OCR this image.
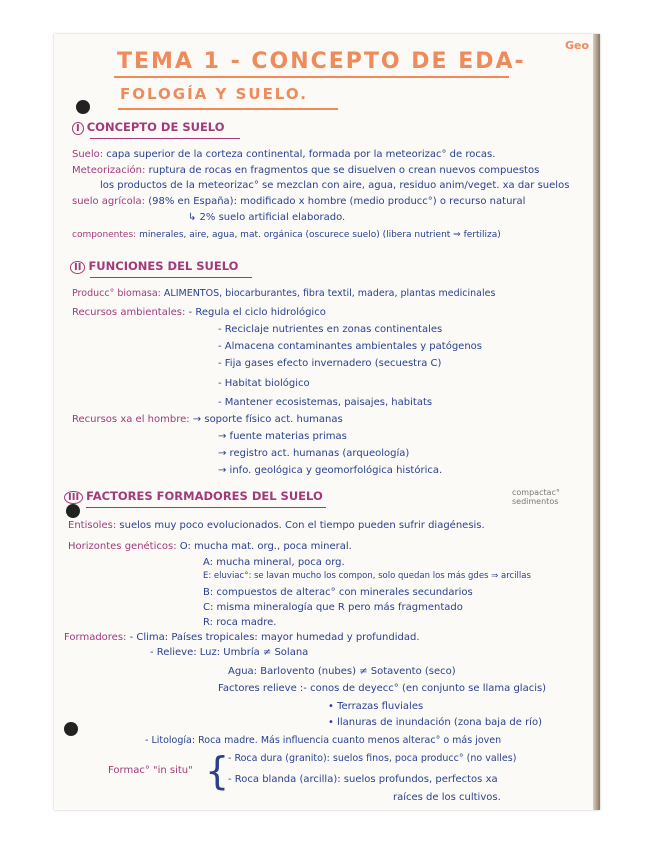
TEMA 1 - CONCEPTO DE EDA-
FOLOGÍA Y SUELO.
Geo
I CONCEPTO DE SUELO
Suelo: capa superior de la corteza continental, formada por la meteorizac° de rocas.
Meteorización: ruptura de rocas en fragmentos que se disuelven o crean nuevos compuestos
los productos de la meteorizac° se mezclan con aire, agua, residuo anim/veget. xa dar suelos
suelo agrícola: (98% en España): modificado x hombre (medio producc°) o recurso natural
↳ 2% suelo artificial elaborado.
componentes: minerales, aire, agua, mat. orgánica (oscurece suelo) (libera nutrient ⇒ fertiliza)
II FUNCIONES DEL SUELO
Producc° biomasa: ALIMENTOS, biocarburantes, fibra textil, madera, plantas medicinales
Recursos ambientales: - Regula el ciclo hidrológico
- Reciclaje nutrientes en zonas continentales
- Almacena contaminantes ambientales y patógenos
- Fija gases efecto invernadero (secuestra C)
- Habitat biológico
- Mantener ecosistemas, paisajes, habitats
Recursos xa el hombre: → soporte físico act. humanas
→ fuente materias primas
→ registro act. humanas (arqueología)
→ info. geológica y geomorfológica histórica.
III FACTORES FORMADORES DEL SUELO	compactac° sedimentos
Entisoles: suelos muy poco evolucionados. Con el tiempo pueden sufrir diagénesis.
Horizontes genéticos: O: mucha mat. org., poca mineral.
A: mucha mineral, poca org.
E: eluviac°: se lavan mucho los compon, solo quedan los más gdes ⇒ arcillas
B: compuestos de alterac° con minerales secundarios
C: misma mineralogía que R pero más fragmentado
R: roca madre.
Formadores: - Clima: Países tropicales: mayor humedad y profundidad.
- Relieve: Luz: Umbría ≠ Solana
Agua: Barlovento (nubes) ≠ Sotavento (seco)
Factores relieve :- conos de deyecc° (en conjunto se llama glacis)
• Terrazas fluviales
• llanuras de inundación (zona baja de río)
- Litología: Roca madre. Más influencia cuanto menos alterac° o más joven
Formac° "in situ" {
- Roca dura (granito): suelos finos, poca producc° (no valles)
- Roca blanda (arcilla): suelos profundos, perfectos xa
raíces de los cultivos.
